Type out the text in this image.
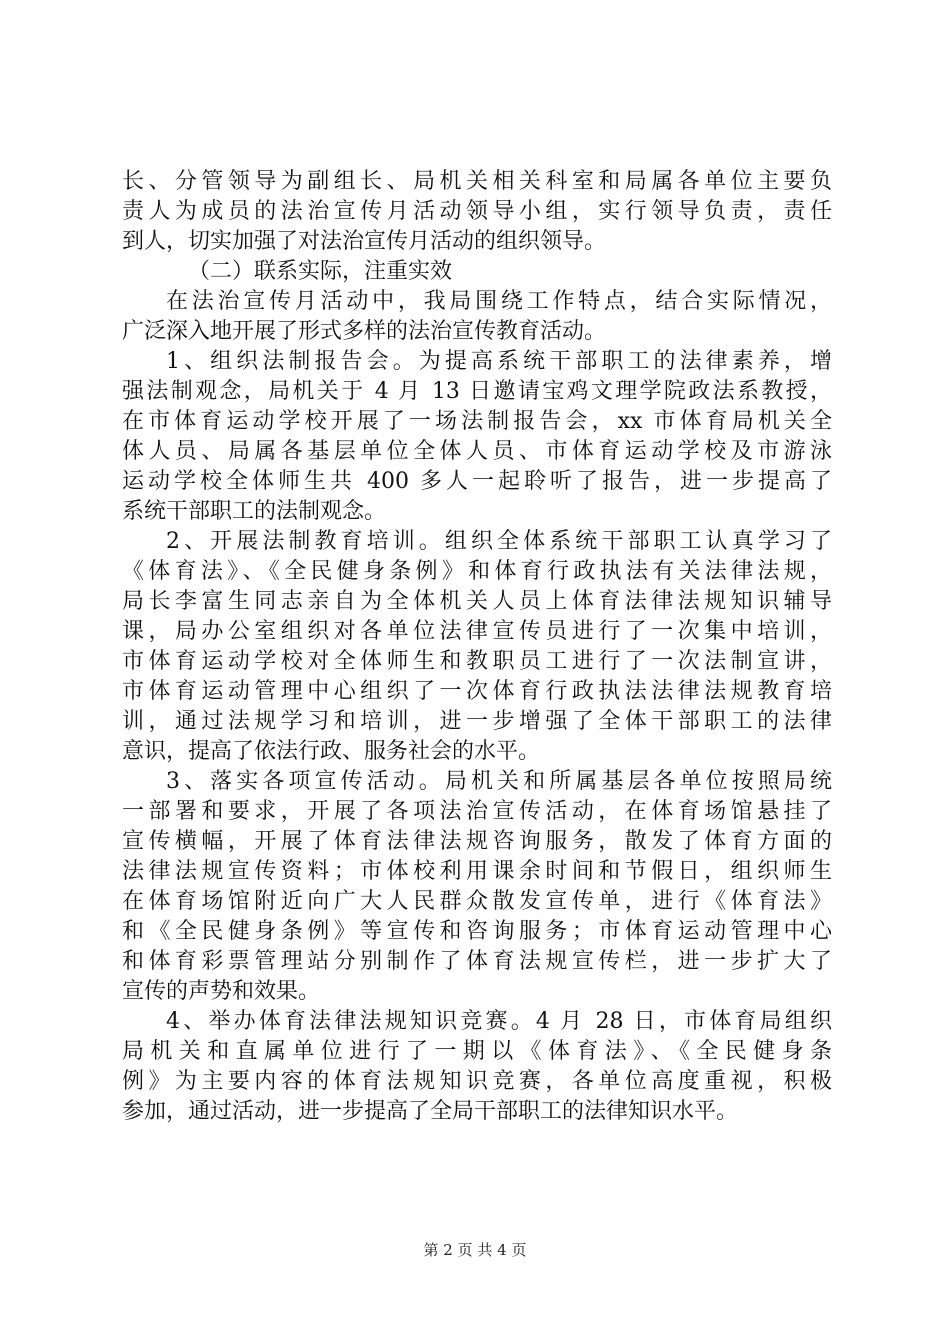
长、分管领导为副组长、局机关相关科室和局属各单位主要负
责人为成员的法治宣传月活动领导小组，实行领导负责，责任
到人，切实加强了对法治宣传月活动的组织领导。
（二）联系实际，注重实效
在法治宣传月活动中，我局围绕工作特点，结合实际情况，
广泛深入地开展了形式多样的法治宣传教育活动。
1、组织法制报告会。为提高系统干部职工的法律素养，增
强法制观念，局机关于 4 月 13 日邀请宝鸡文理学院政法系教授，
在市体育运动学校开展了一场法制报告会，xx 市体育局机关全
体人员、局属各基层单位全体人员、市体育运动学校及市游泳
运动学校全体师生共 400 多人一起聆听了报告，进一步提高了
系统干部职工的法制观念。
2、开展法制教育培训。组织全体系统干部职工认真学习了
《体育法》、《全民健身条例》和体育行政执法有关法律法规，
局长李富生同志亲自为全体机关人员上体育法律法规知识辅导
课，局办公室组织对各单位法律宣传员进行了一次集中培训，
市体育运动学校对全体师生和教职员工进行了一次法制宣讲，
市体育运动管理中心组织了一次体育行政执法法律法规教育培
训，通过法规学习和培训，进一步增强了全体干部职工的法律
意识，提高了依法行政、服务社会的水平。
3、落实各项宣传活动。局机关和所属基层各单位按照局统
一部署和要求，开展了各项法治宣传活动，在体育场馆悬挂了
宣传横幅，开展了体育法律法规咨询服务，散发了体育方面的
法律法规宣传资料；市体校利用课余时间和节假日，组织师生
在体育场馆附近向广大人民群众散发宣传单，进行《体育法》
和《全民健身条例》等宣传和咨询服务；市体育运动管理中心
和体育彩票管理站分别制作了体育法规宣传栏，进一步扩大了
宣传的声势和效果。
4、举办体育法律法规知识竞赛。4 月 28 日，市体育局组织
局机关和直属单位进行了一期以《体育法》、《全民健身条
例》为主要内容的体育法规知识竞赛，各单位高度重视，积极
参加，通过活动，进一步提高了全局干部职工的法律知识水平。
第 2 页 共 4 页
